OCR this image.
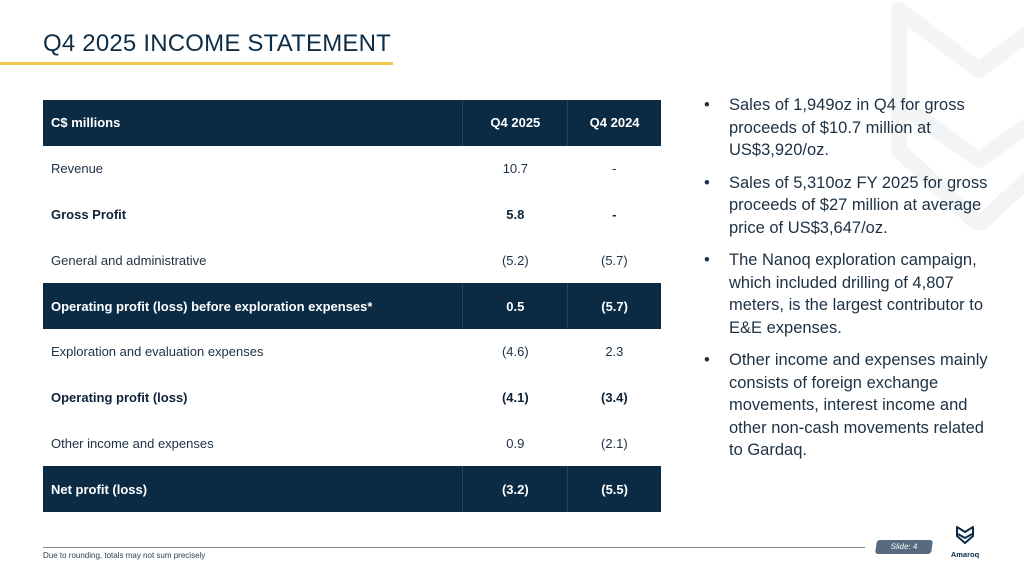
Q4 2025 INCOME STATEMENT
C$ millions	Q4 2025	Q4 2024
Revenue	10.7	-
Gross Profit	5.8	-
General and administrative	(5.2)	(5.7)
Operating profit (loss) before exploration expenses*	0.5	(5.7)
Exploration and evaluation expenses	(4.6)	2.3
Operating profit (loss)	(4.1)	(3.4)
Other income and expenses	0.9	(2.1)
Net profit (loss)	(3.2)	(5.5)
• Sales of 1,949oz in Q4 for gross proceeds of $10.7 million at US$3,920/oz.
• Sales of 5,310oz FY 2025 for gross proceeds of $27 million at average price of US$3,647/oz.
• The Nanoq exploration campaign, which included drilling of 4,807 meters, is the largest contributor to E&E expenses.
• Other income and expenses mainly consists of foreign exchange movements, interest income and other non-cash movements related to Gardaq.
Due to rounding, totals may not sum precisely
Slide: 4
Amaroq
